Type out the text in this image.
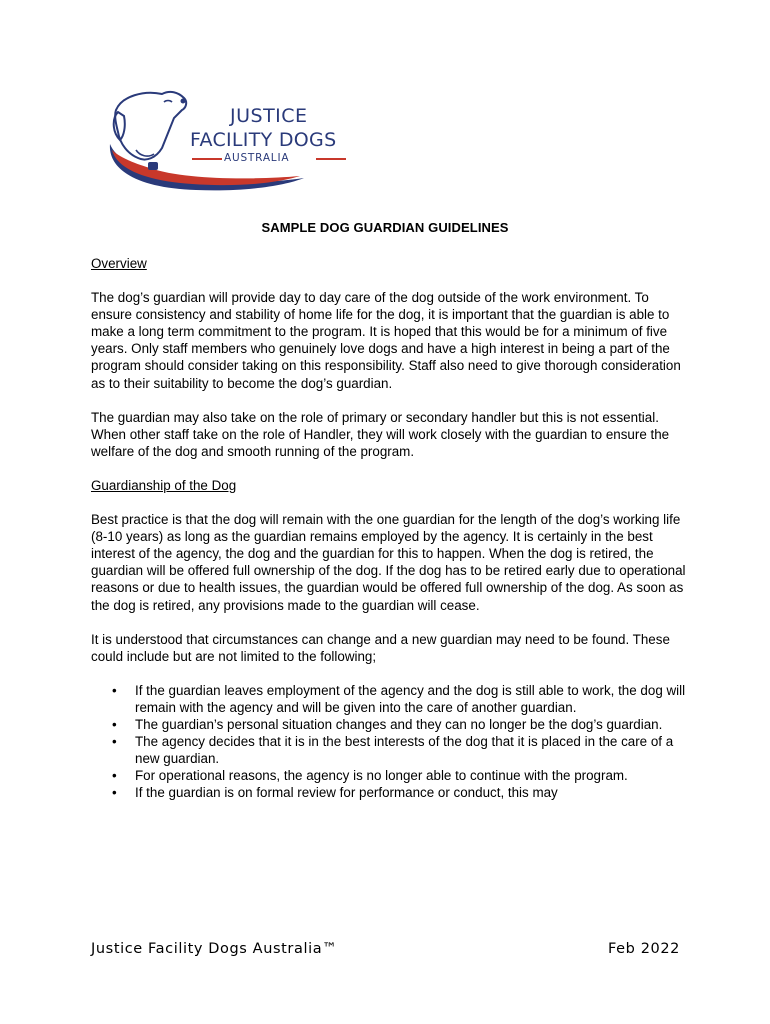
JUSTICE
FACILITY DOGS
AUSTRALIA
SAMPLE DOG GUARDIAN GUIDELINES

Overview

The dog’s guardian will provide day to day care of the dog outside of the work environment. To ensure consistency and stability of home life for the dog, it is important that the guardian is able to make a long term commitment to the program. It is hoped that this would be for a minimum of five years. Only staff members who genuinely love dogs and have a high interest in being a part of the program should consider taking on this responsibility. Staff also need to give thorough consideration as to their suitability to become the dog’s guardian.

The guardian may also take on the role of primary or secondary handler but this is not essential. When other staff take on the role of Handler, they will work closely with the guardian to ensure the welfare of the dog and smooth running of the program.

Guardianship of the Dog

Best practice is that the dog will remain with the one guardian for the length of the dog’s working life (8-10 years) as long as the guardian remains employed by the agency. It is certainly in the best interest of the agency, the dog and the guardian for this to happen. When the dog is retired, the guardian will be offered full ownership of the dog. If the dog has to be retired early due to operational reasons or due to health issues, the guardian would be offered full ownership of the dog. As soon as the dog is retired, any provisions made to the guardian will cease.

It is understood that circumstances can change and a new guardian may need to be found. These could include but are not limited to the following;

• If the guardian leaves employment of the agency and the dog is still able to work, the dog will remain with the agency and will be given into the care of another guardian.
• The guardian’s personal situation changes and they can no longer be the dog’s guardian.
• The agency decides that it is in the best interests of the dog that it is placed in the care of a new guardian.
• For operational reasons, the agency is no longer able to continue with the program.
• If the guardian is on formal review for performance or conduct, this may
Justice Facility Dogs Australia™	Feb 2022
